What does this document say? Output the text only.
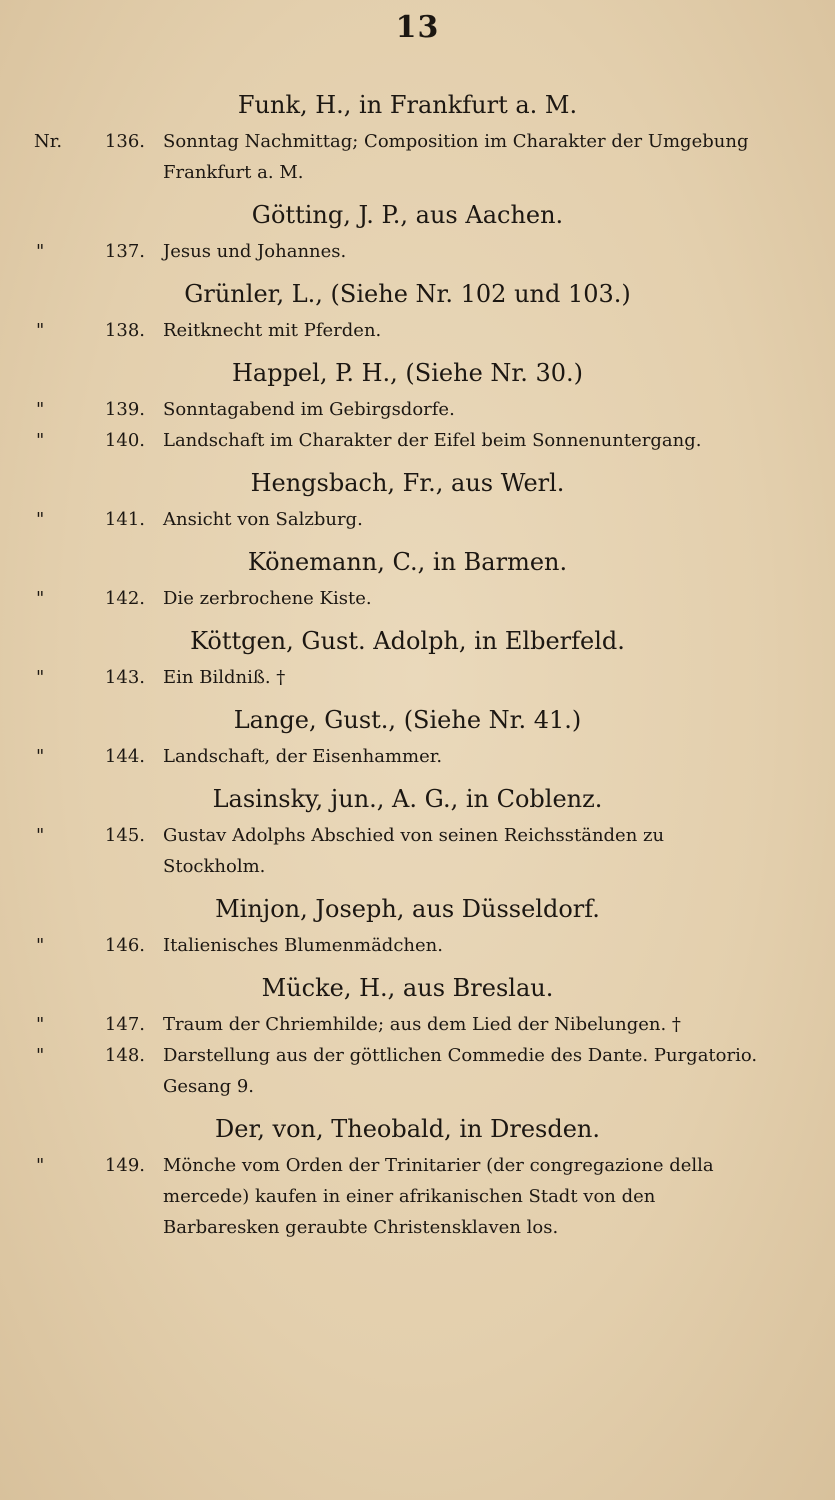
13
Funk, H., in Frankfurt a. M.
Nr.	136.	Sonntag Nachmittag; Composition im Charakter der Umgebung Frankfurt a. M.
Götting, J. P., aus Aachen.
"	137.	Jesus und Johannes.
Grünler, L., (Siehe Nr. 102 und 103.)
"	138.	Reitknecht mit Pferden.
Happel, P. H., (Siehe Nr. 30.)
"	139.	Sonntagabend im Gebirgsdorfe.
"	140.	Landschaft im Charakter der Eifel beim Sonnenuntergang.
Hengsbach, Fr., aus Werl.
"	141.	Ansicht von Salzburg.
Könemann, C., in Barmen.
"	142.	Die zerbrochene Kiste.
Köttgen, Gust. Adolph, in Elberfeld.
"	143.	Ein Bildniß. †
Lange, Gust., (Siehe Nr. 41.)
"	144.	Landschaft, der Eisenhammer.
Lasinsky, jun., A. G., in Coblenz.
"	145.	Gustav Adolphs Abschied von seinen Reichsständen zu Stockholm.
Minjon, Joseph, aus Düsseldorf.
"	146.	Italienisches Blumenmädchen.
Mücke, H., aus Breslau.
"	147.	Traum der Chriemhilde; aus dem Lied der Nibelungen. †
"	148.	Darstellung aus der göttlichen Commedie des Dante. Purgatorio. Gesang 9.
Der, von, Theobald, in Dresden.
"	149.	Mönche vom Orden der Trinitarier (der congregazione della mercede) kaufen in einer afrikanischen Stadt von den Barbaresken geraubte Christensklaven los.
